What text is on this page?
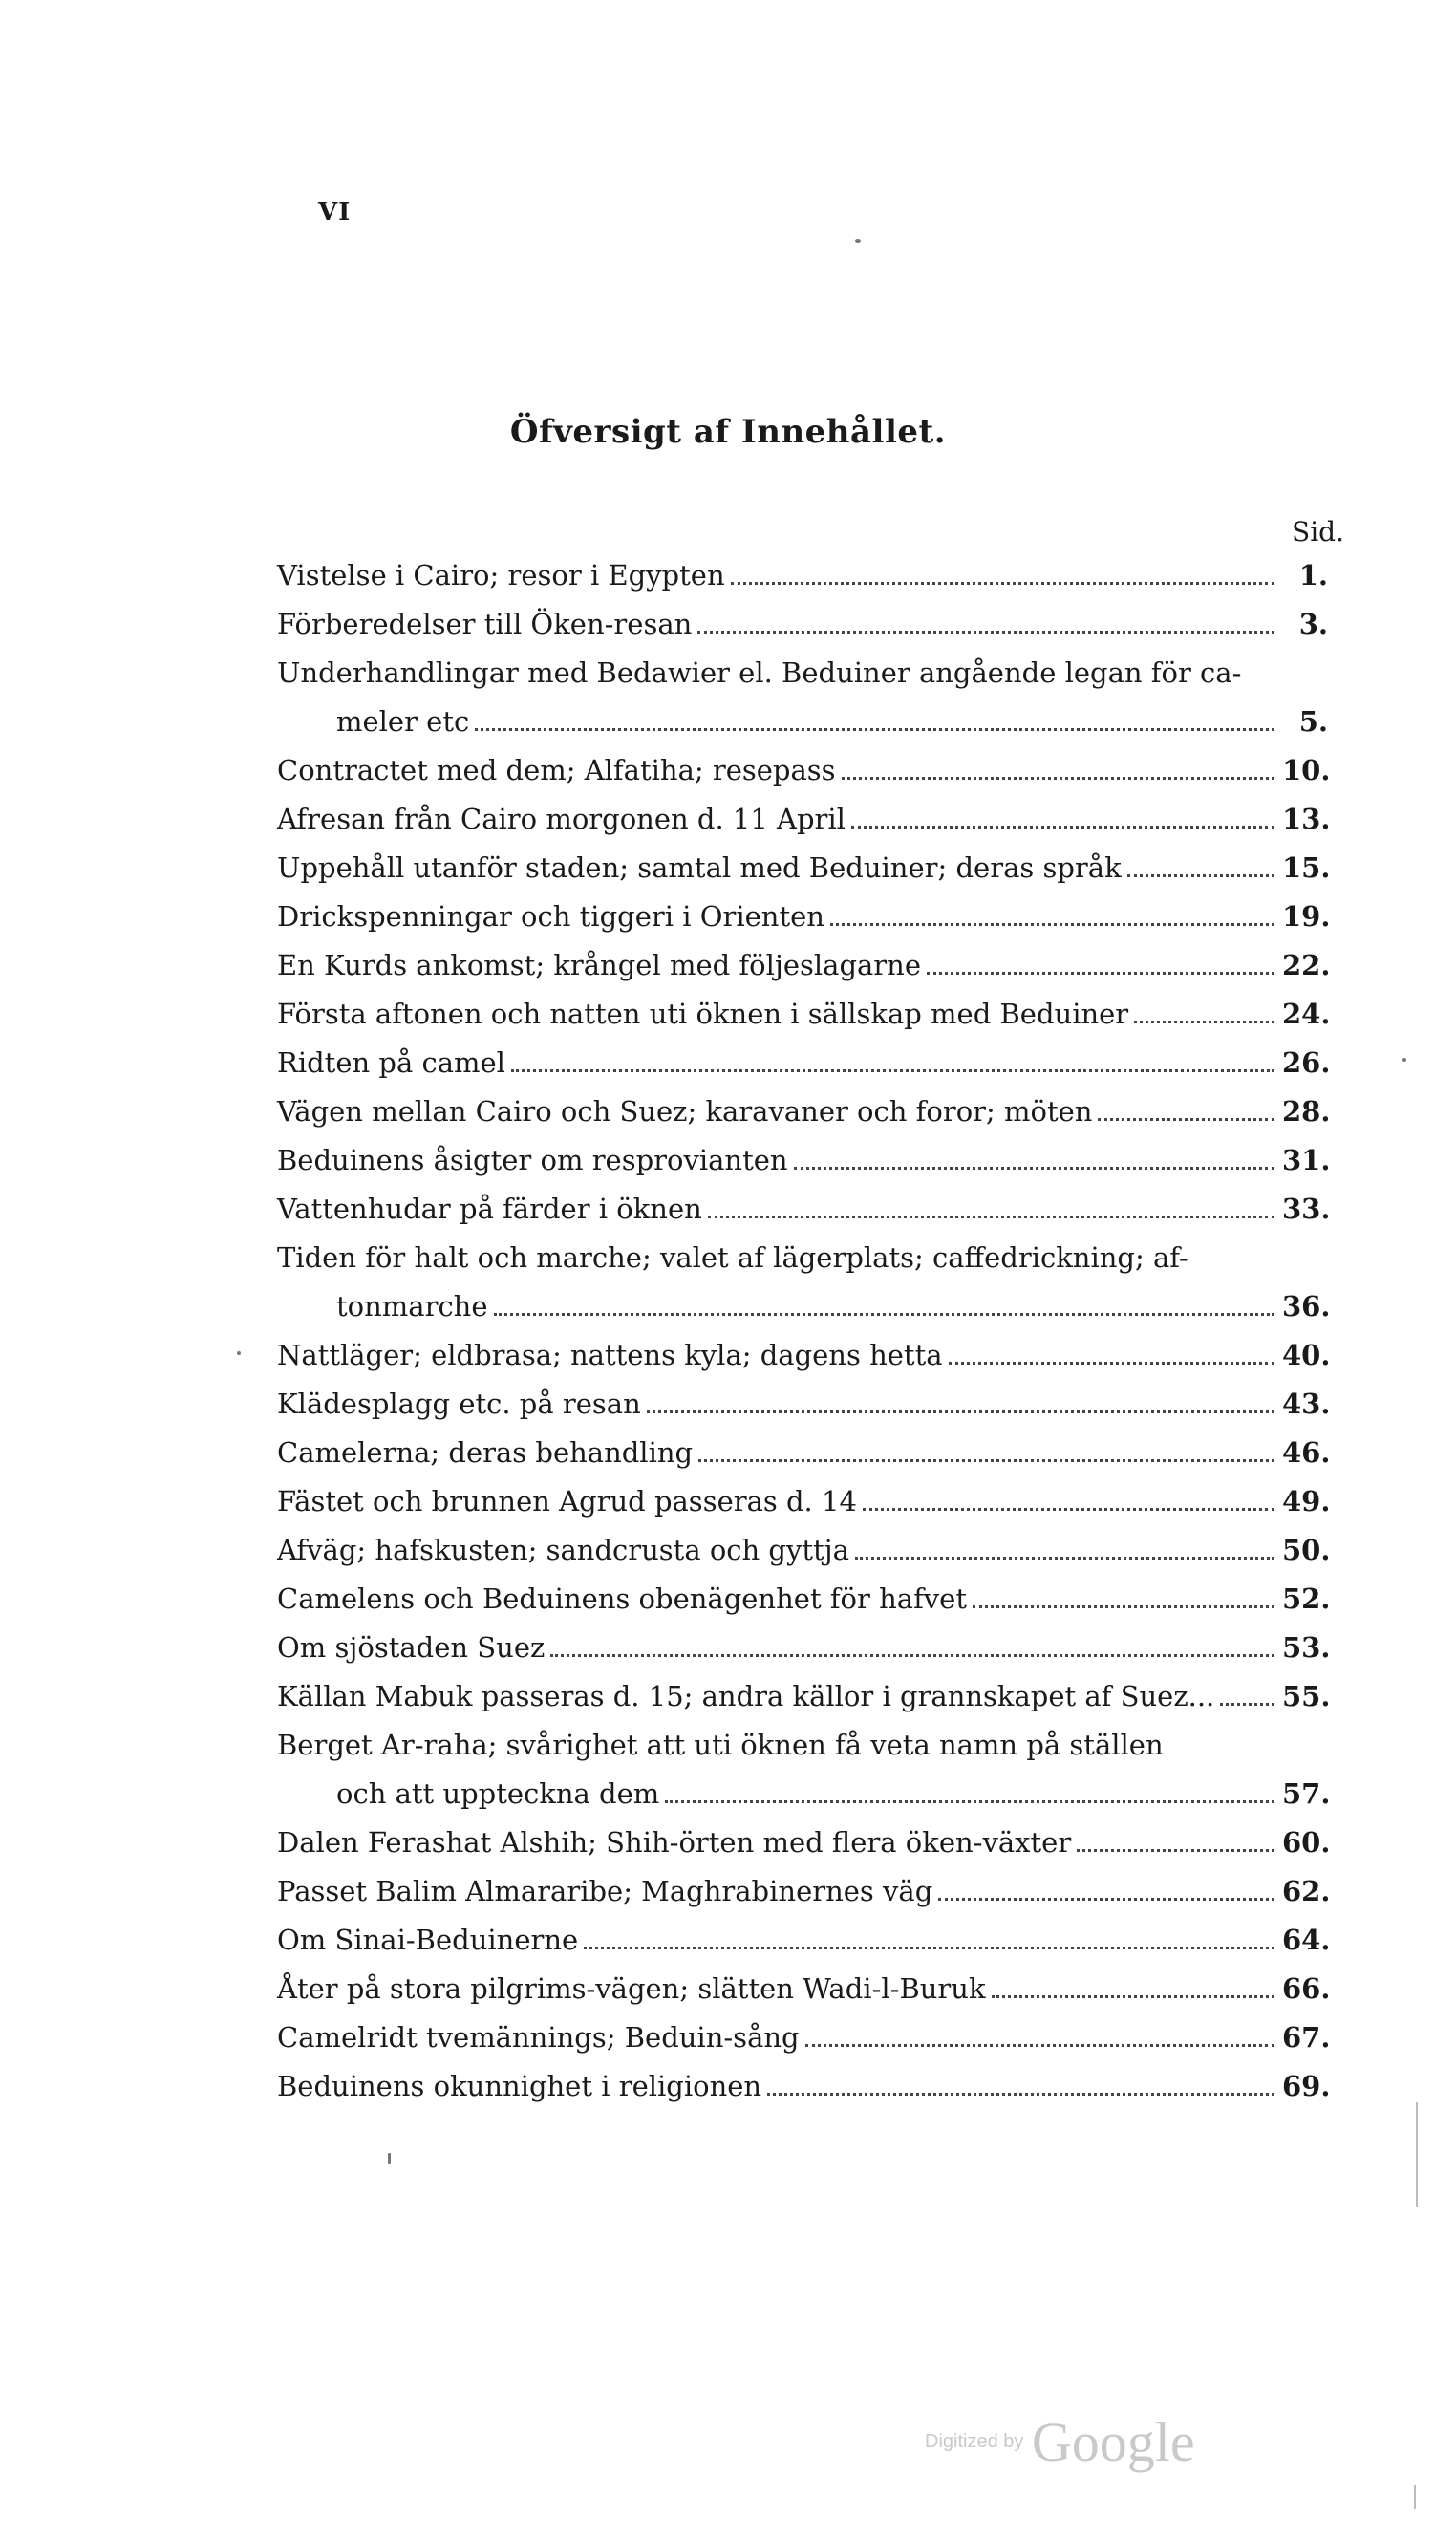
VI
Öfversigt af Innehållet.
Sid.
Vistelse i Cairo; resor i Egypten	1.
Förberedelser till Öken-resan	3.
Underhandlingar med Bedawier el. Beduiner angående legan för ca-
meler etc	5.
Contractet med dem; Alfatiha; resepass	10.
Afresan från Cairo morgonen d. 11 April	13.
Uppehåll utanför staden; samtal med Beduiner; deras språk	15.
Drickspenningar och tiggeri i Orienten	19.
En Kurds ankomst; krångel med följeslagarne	22.
Första aftonen och natten uti öknen i sällskap med Beduiner	24.
Ridten på camel	26.
Vägen mellan Cairo och Suez; karavaner och foror; möten	28.
Beduinens åsigter om resprovianten	31.
Vattenhudar på färder i öknen	33.
Tiden för halt och marche; valet af lägerplats; caffedrickning; af-
tonmarche	36.
Nattläger; eldbrasa; nattens kyla; dagens hetta	40.
Klädesplagg etc. på resan	43.
Camelerna; deras behandling	46.
Fästet och brunnen Agrud passeras d. 14	49.
Afväg; hafskusten; sandcrusta och gyttja	50.
Camelens och Beduinens obenägenhet för hafvet	52.
Om sjöstaden Suez	53.
Källan Mabuk passeras d. 15; andra källor i grannskapet af Suez... 55.
Berget Ar-raha; svårighet att uti öknen få veta namn på ställen
och att uppteckna dem	57.
Dalen Ferashat Alshih; Shih-örten med flera öken-växter	60.
Passet Balim Almararibe; Maghrabinernes väg	62.
Om Sinai-Beduinerne	64.
Åter på stora pilgrims-vägen; slätten Wadi-l-Buruk	66.
Camelridt tvemännings; Beduin-sång	67.
Beduinens okunnighet i religionen	69.
Digitized by Google
